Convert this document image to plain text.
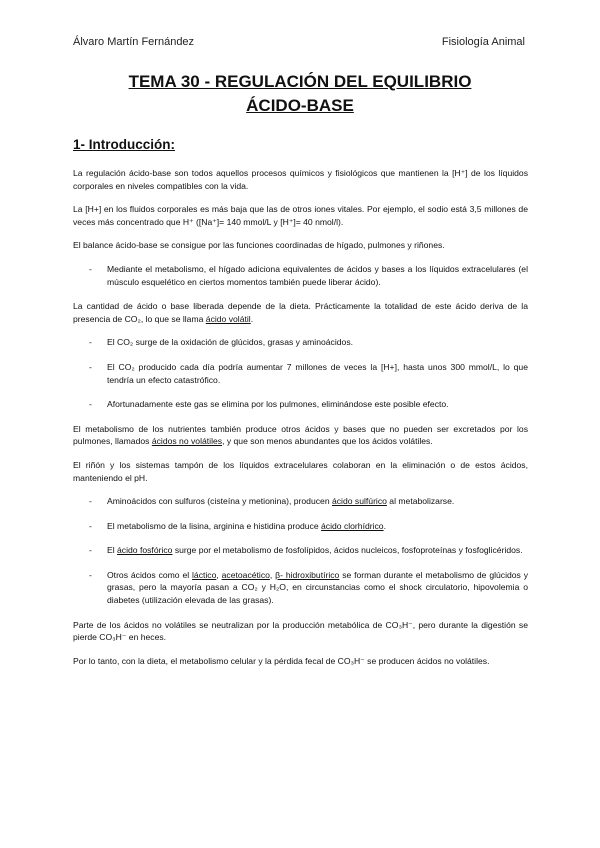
Álvaro Martín Fernández	Fisiología Animal
TEMA 30 - REGULACIÓN DEL EQUILIBRIO
ÁCIDO-BASE
1- Introducción:

La regulación ácido-base son todos aquellos procesos químicos y fisiológicos que mantienen la [H⁺] de los líquidos corporales en niveles compatibles con la vida.

La [H+] en los fluidos corporales es más baja que las de otros iones vitales. Por ejemplo, el sodio está 3,5 millones de veces más concentrado que H⁺ ([Na⁺]= 140 mmol/L y [H⁺]= 40 nmol/l).

El balance ácido-base se consigue por las funciones coordinadas de hígado, pulmones y riñones.

- Mediante el metabolismo, el hígado adiciona equivalentes de ácidos y bases a los líquidos extracelulares (el músculo esquelético en ciertos momentos también puede liberar ácido).

La cantidad de ácido o base liberada depende de la dieta. Prácticamente la totalidad de este ácido deriva de la presencia de CO₂, lo que se llama ácido volátil.

- El CO₂ surge de la oxidación de glúcidos, grasas y aminoácidos.
- El CO₂ producido cada día podría aumentar 7 millones de veces la [H+], hasta unos 300 mmol/L, lo que tendría un efecto catastrófico.
- Afortunadamente este gas se elimina por los pulmones, eliminándose este posible efecto.

El metabolismo de los nutrientes también produce otros ácidos y bases que no pueden ser excretados por los pulmones, llamados ácidos no volátiles, y que son menos abundantes que los ácidos volátiles.

El riñón y los sistemas tampón de los líquidos extracelulares colaboran en la eliminación o de estos ácidos, manteniendo el pH.

- Aminoácidos con sulfuros (cisteína y metionina), producen ácido sulfúrico al metabolizarse.
- El metabolismo de la lisina, arginina e histidina produce ácido clorhídrico.
- El ácido fosfórico surge por el metabolismo de fosfolípidos, ácidos nucleicos, fosfoproteínas y fosfoglicéridos.
- Otros ácidos como el láctico, acetoacético, β- hidroxibutírico se forman durante el metabolismo de glúcidos y grasas, pero la mayoría pasan a CO₂ y H₂O, en circunstancias como el shock circulatorio, hipovolemia o diabetes (utilización elevada de las grasas).

Parte de los ácidos no volátiles se neutralizan por la producción metabólica de CO₃H⁻, pero durante la digestión se pierde CO₃H⁻ en heces.

Por lo tanto, con la dieta, el metabolismo celular y la pérdida fecal de CO₃H⁻ se producen ácidos no volátiles.
